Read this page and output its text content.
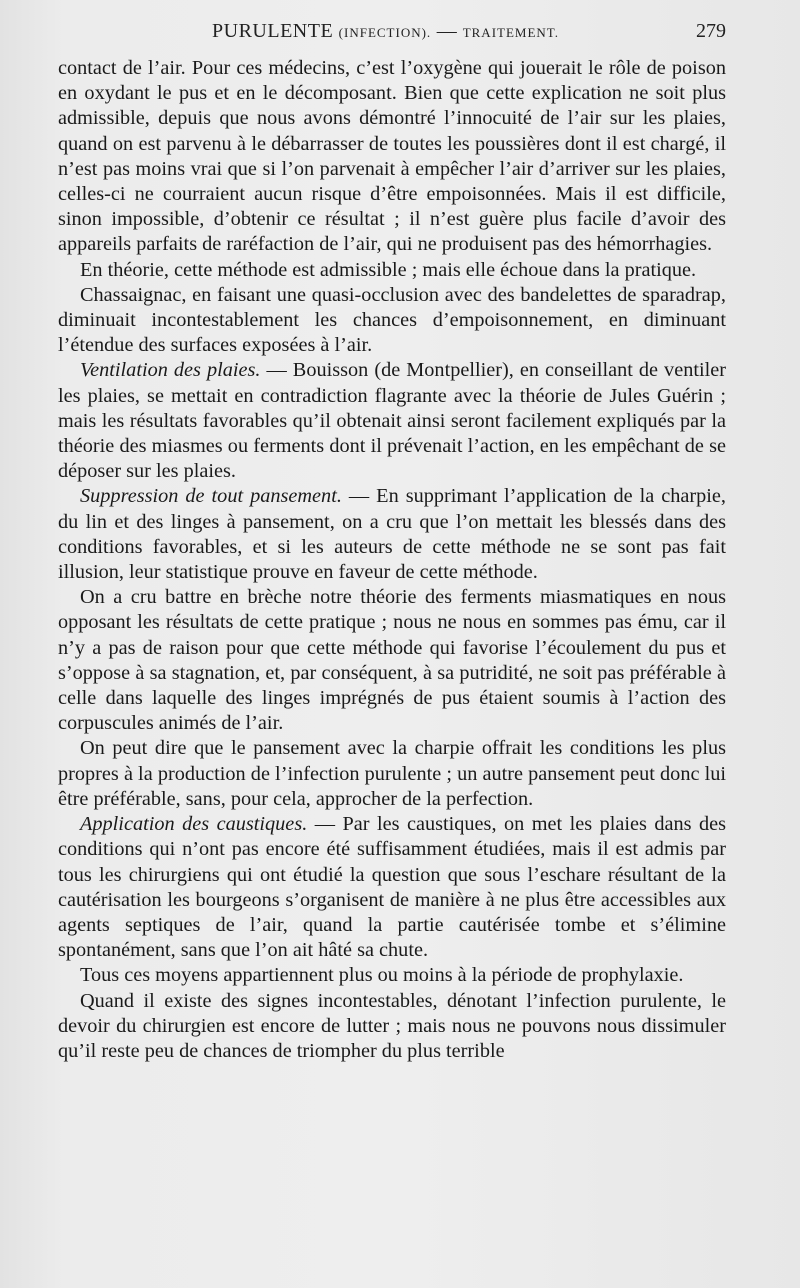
PURULENTE (INFECTION). — TRAITEMENT.	279

contact de l’air. Pour ces médecins, c’est l’oxygène qui jouerait le rôle de poison en oxydant le pus et en le décomposant. Bien que cette explication ne soit plus admissible, depuis que nous avons démontré l’innocuité de l’air sur les plaies, quand on est parvenu à le débarrasser de toutes les poussières dont il est chargé, il n’est pas moins vrai que si l’on parvenait à empêcher l’air d’arriver sur les plaies, celles-ci ne courraient aucun risque d’être empoisonnées. Mais il est difficile, sinon impossible, d’obtenir ce résultat ; il n’est guère plus facile d’avoir des appareils parfaits de raréfaction de l’air, qui ne produisent pas des hémorrhagies.

En théorie, cette méthode est admissible ; mais elle échoue dans la pratique.

Chassaignac, en faisant une quasi-occlusion avec des bandelettes de sparadrap, diminuait incontestablement les chances d’empoisonnement, en diminuant l’étendue des surfaces exposées à l’air.

Ventilation des plaies. — Bouisson (de Montpellier), en conseillant de ventiler les plaies, se mettait en contradiction flagrante avec la théorie de Jules Guérin ; mais les résultats favorables qu’il obtenait ainsi seront facilement expliqués par la théorie des miasmes ou ferments dont il prévenait l’action, en les empêchant de se déposer sur les plaies.

Suppression de tout pansement. — En supprimant l’application de la charpie, du lin et des linges à pansement, on a cru que l’on mettait les blessés dans des conditions favorables, et si les auteurs de cette méthode ne se sont pas fait illusion, leur statistique prouve en faveur de cette méthode.

On a cru battre en brèche notre théorie des ferments miasmatiques en nous opposant les résultats de cette pratique ; nous ne nous en sommes pas ému, car il n’y a pas de raison pour que cette méthode qui favorise l’écoulement du pus et s’oppose à sa stagnation, et, par conséquent, à sa putridité, ne soit pas préférable à celle dans laquelle des linges imprégnés de pus étaient soumis à l’action des corpuscules animés de l’air.

On peut dire que le pansement avec la charpie offrait les conditions les plus propres à la production de l’infection purulente ; un autre pansement peut donc lui être préférable, sans, pour cela, approcher de la perfection.

Application des caustiques. — Par les caustiques, on met les plaies dans des conditions qui n’ont pas encore été suffisamment étudiées, mais il est admis par tous les chirurgiens qui ont étudié la question que sous l’eschare résultant de la cautérisation les bourgeons s’organisent de manière à ne plus être accessibles aux agents septiques de l’air, quand la partie cautérisée tombe et s’élimine spontanément, sans que l’on ait hâté sa chute.

Tous ces moyens appartiennent plus ou moins à la période de prophylaxie.

Quand il existe des signes incontestables, dénotant l’infection purulente, le devoir du chirurgien est encore de lutter ; mais nous ne pouvons nous dissimuler qu’il reste peu de chances de triompher du plus terrible
